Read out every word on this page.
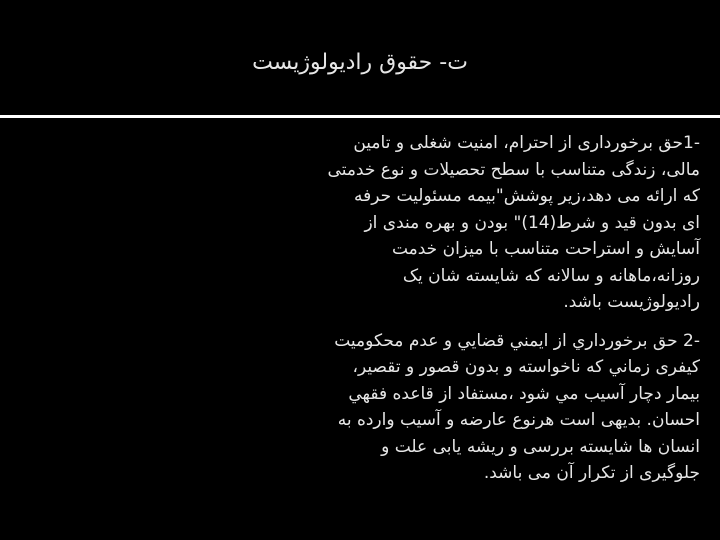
ت- حقوق رادیولوژیست

-1حق برخورداری از احترام، امنیت شغلی و تامین
مالی، زندگی متناسب با سطح تحصیلات و نوع خدمتی
که ارائه می دهد،زیر پوشش"بیمه مسئولیت حرفه
ای بدون قید و شرط(14)" بودن و بهره مندی از
آسایش و استراحت متناسب با میزان خدمت
روزانه،ماهانه و سالانه که شایسته شان یک
رادیولوژیست باشد.

-2 حق برخورداري از ايمني قضايي و عدم محكوميت
كیفری زماني كه ناخواسته و بدون قصور و تقصير،
بيمار دچار آسيب مي شود ،مستفاد از قاعده فقهي
احسان. بدیهی است هرنوع عارضه و آسیب وارده به
انسان ها شایسته بررسی و ریشه یابی علت و
جلوگیری از تکرار آن می باشد.
